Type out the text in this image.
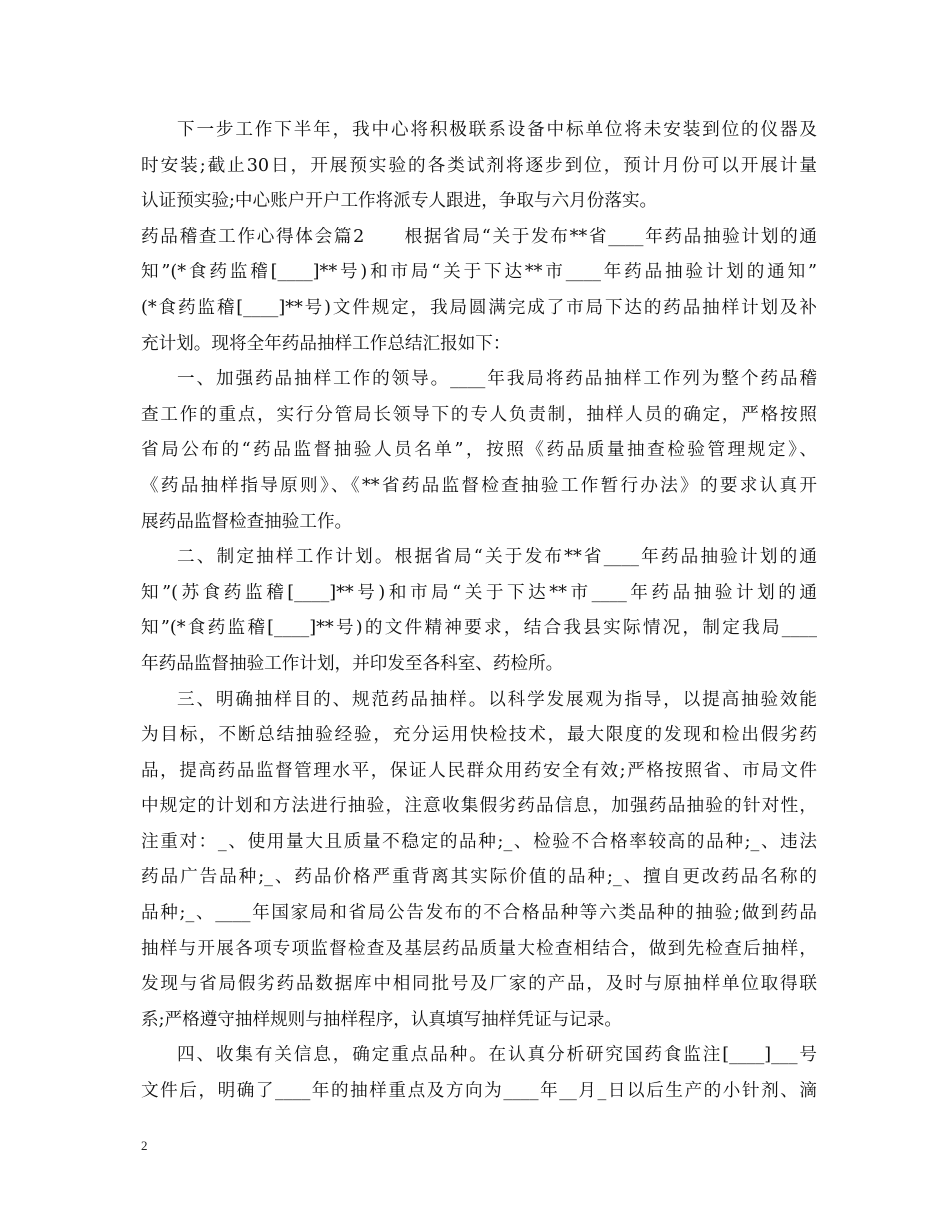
下一步工作下半年，我中心将积极联系设备中标单位将未安装到位的仪器及
时安装;截止30日，开展预实验的各类试剂将逐步到位，预计月份可以开展计量
认证预实验;中心账户开户工作将派专人跟进，争取与六月份落实。
药品稽查工作心得体会篇2　　根据省局“关于发布**省____年药品抽验计划的通
知”(*食药监稽[____]**号)和市局“关于下达**市____年药品抽验计划的通知”
(*食药监稽[____]**号)文件规定，我局圆满完成了市局下达的药品抽样计划及补
充计划。现将全年药品抽样工作总结汇报如下：
一、加强药品抽样工作的领导。____年我局将药品抽样工作列为整个药品稽
查工作的重点，实行分管局长领导下的专人负责制，抽样人员的确定，严格按照
省局公布的“药品监督抽验人员名单”，按照《药品质量抽查检验管理规定》、
《药品抽样指导原则》、《**省药品监督检查抽验工作暂行办法》的要求认真开
展药品监督检查抽验工作。
二、制定抽样工作计划。根据省局“关于发布**省____年药品抽验计划的通
知”(苏食药监稽[____]**号)和市局“关于下达**市____年药品抽验计划的通
知”(*食药监稽[____]**号)的文件精神要求，结合我县实际情况，制定我局____
年药品监督抽验工作计划，并印发至各科室、药检所。
三、明确抽样目的、规范药品抽样。以科学发展观为指导，以提高抽验效能
为目标，不断总结抽验经验，充分运用快检技术，最大限度的发现和检出假劣药
品，提高药品监督管理水平，保证人民群众用药安全有效;严格按照省、市局文件
中规定的计划和方法进行抽验，注意收集假劣药品信息，加强药品抽验的针对性，
注重对：_、使用量大且质量不稳定的品种;_、检验不合格率较高的品种;_、违法
药品广告品种;_、药品价格严重背离其实际价值的品种;_、擅自更改药品名称的
品种;_、____年国家局和省局公告发布的不合格品种等六类品种的抽验;做到药品
抽样与开展各项专项监督检查及基层药品质量大检查相结合，做到先检查后抽样，
发现与省局假劣药品数据库中相同批号及厂家的产品，及时与原抽样单位取得联
系;严格遵守抽样规则与抽样程序，认真填写抽样凭证与记录。
四、收集有关信息，确定重点品种。在认真分析研究国药食监注[____]___号
文件后，明确了____年的抽样重点及方向为____年__月_日以后生产的小针剂、滴
2
